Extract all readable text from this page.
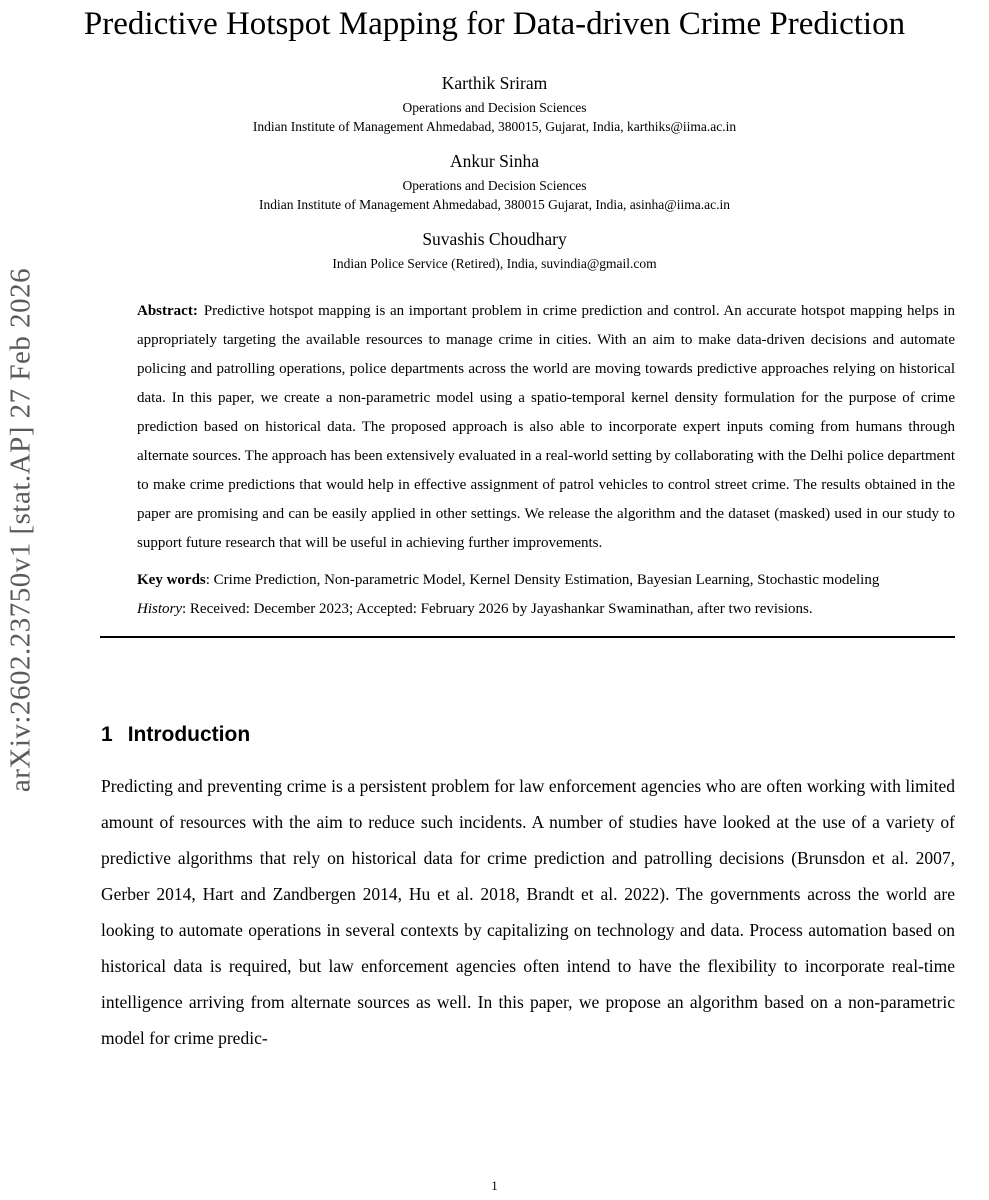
arXiv:2602.23750v1 [stat.AP] 27 Feb 2026
Predictive Hotspot Mapping for Data-driven Crime Prediction
Karthik Sriram
Operations and Decision Sciences
Indian Institute of Management Ahmedabad, 380015, Gujarat, India, karthiks@iima.ac.in
Ankur Sinha
Operations and Decision Sciences
Indian Institute of Management Ahmedabad, 380015 Gujarat, India, asinha@iima.ac.in
Suvashis Choudhary
Indian Police Service (Retired), India, suvindia@gmail.com
Abstract: Predictive hotspot mapping is an important problem in crime prediction and control. An accurate hotspot mapping helps in appropriately targeting the available resources to manage crime in cities. With an aim to make data-driven decisions and automate policing and patrolling operations, police departments across the world are moving towards predictive approaches relying on historical data. In this paper, we create a non-parametric model using a spatio-temporal kernel density formulation for the purpose of crime prediction based on historical data. The proposed approach is also able to incorporate expert inputs coming from humans through alternate sources. The approach has been extensively evaluated in a real-world setting by collaborating with the Delhi police department to make crime predictions that would help in effective assignment of patrol vehicles to control street crime. The results obtained in the paper are promising and can be easily applied in other settings. We release the algorithm and the dataset (masked) used in our study to support future research that will be useful in achieving further improvements.
Key words: Crime Prediction, Non-parametric Model, Kernel Density Estimation, Bayesian Learning, Stochastic modeling
History: Received: December 2023; Accepted: February 2026 by Jayashankar Swaminathan, after two revisions.
1 Introduction

Predicting and preventing crime is a persistent problem for law enforcement agencies who are often working with limited amount of resources with the aim to reduce such incidents. A number of studies have looked at the use of a variety of predictive algorithms that rely on historical data for crime prediction and patrolling decisions (Brunsdon et al. 2007, Gerber 2014, Hart and Zandbergen 2014, Hu et al. 2018, Brandt et al. 2022). The governments across the world are looking to automate operations in several contexts by capitalizing on technology and data. Process automation based on historical data is required, but law enforcement agencies often intend to have the flexibility to incorporate real-time intelligence arriving from alternate sources as well. In this paper, we propose an algorithm based on a non-parametric model for crime predic-

1
